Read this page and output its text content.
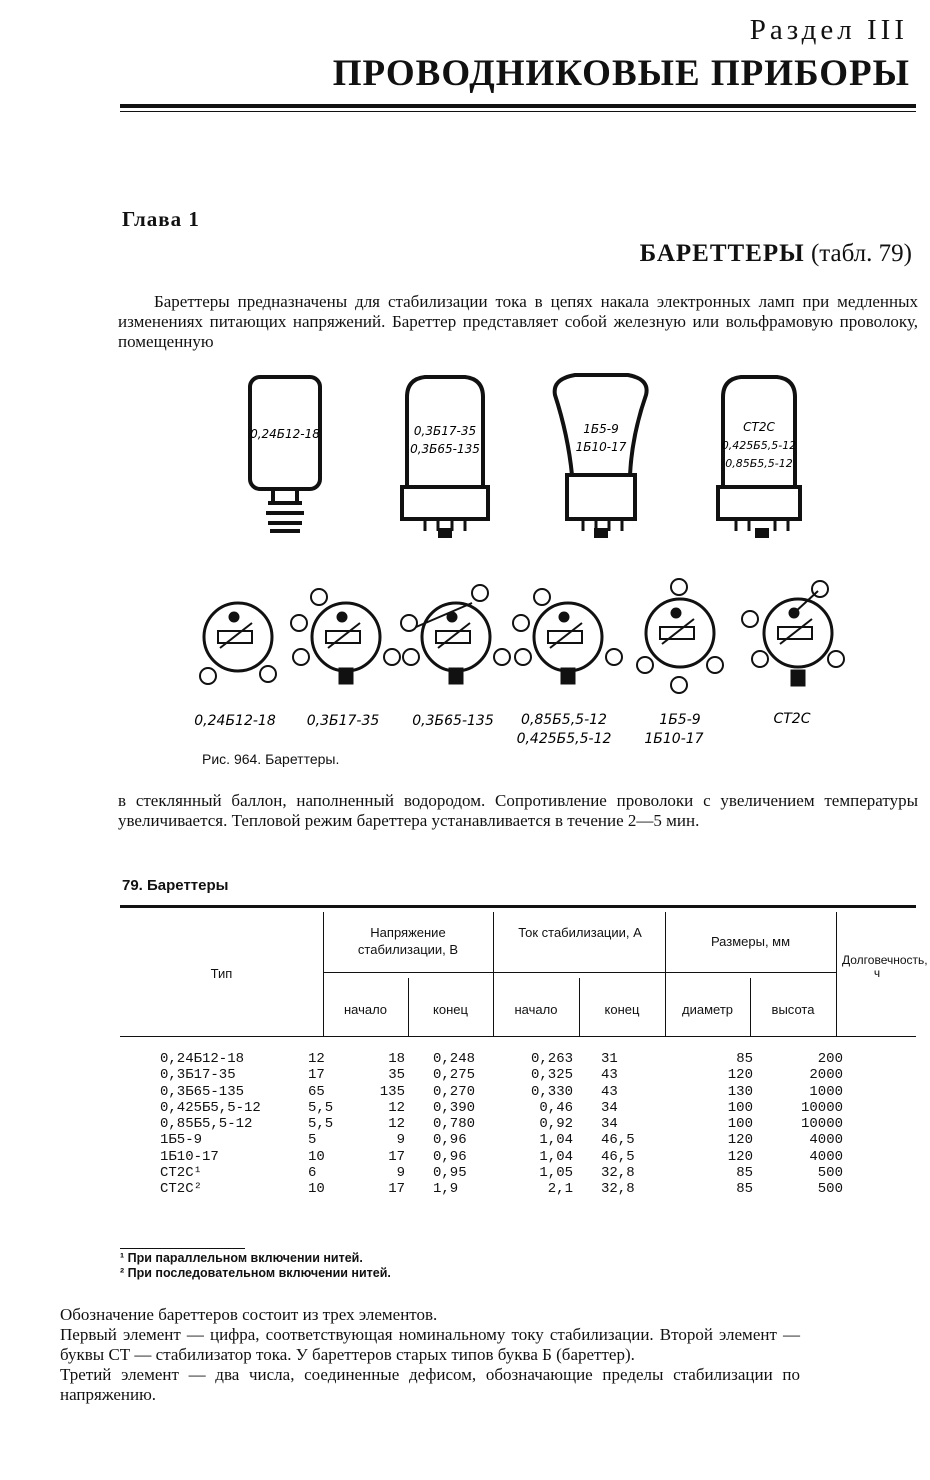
Раздел III
ПРОВОДНИКОВЫЕ ПРИБОРЫ
Глава 1
БАРЕТТЕРЫ (табл. 79)

Бареттеры предназначены для стабилизации тока в цепях накала электронных ламп при медленных изменениях питающих напряжений. Бареттер представляет собой железную или вольфрамовую проволоку, помещенную

0,24Б12-18	0,3Б17-35
0,3Б65-135
1Б5-9
1Б10-17
СТ2С
0,425Б5,5-12
0,85Б5,5-12
0,24Б12-18 0,3Б17-35 0,3Б65-135 0,85Б5,5-12
0,425Б5,5-12
1Б5-9
1Б10-17
СТ2С
Рис. 964. Бареттеры.

в стеклянный баллон, наполненный водородом. Сопротивление проволоки с увеличением температуры увеличивается. Тепловой режим бареттера устанавливается в течение 2—5 мин.

79. Бареттеры
Тип
Напряжение стабилизации, В
Ток стабилизации, А
Размеры, мм
Долговечность, ч
начало	конец	начало	конец	диаметр	высота
0,24Б12-18	12	18	0,248	0,263	31	85	200
0,3Б17-35	17	35	0,275	0,325	43	120	2000
0,3Б65-135	65	135	0,270	0,330	43	130	1000
0,425Б5,5-12	5,5	12	0,390	0,46	34	100	10000
0,85Б5,5-12	5,5	12	0,780	0,92	34	100	10000
1Б5-9	5	9	0,96	1,04	46,5	120	4000
1Б10-17	10	17	0,96	1,04	46,5	120	4000
СТ2С¹	6	9	0,95	1,05	32,8	85	500
СТ2С²	10	17	1,9	2,1	32,8	85	500
¹ При параллельном включении нитей.
² При последовательном включении нитей.

Обозначение бареттеров состоит из трех элементов.

Первый элемент — цифра, соответствующая номинальному току стабилизации. Второй элемент — буквы СТ — стабилизатор тока. У бареттеров старых типов буква Б (бареттер).

Третий элемент — два числа, соединенные дефисом, обозначающие пределы стабилизации по напряжению.
